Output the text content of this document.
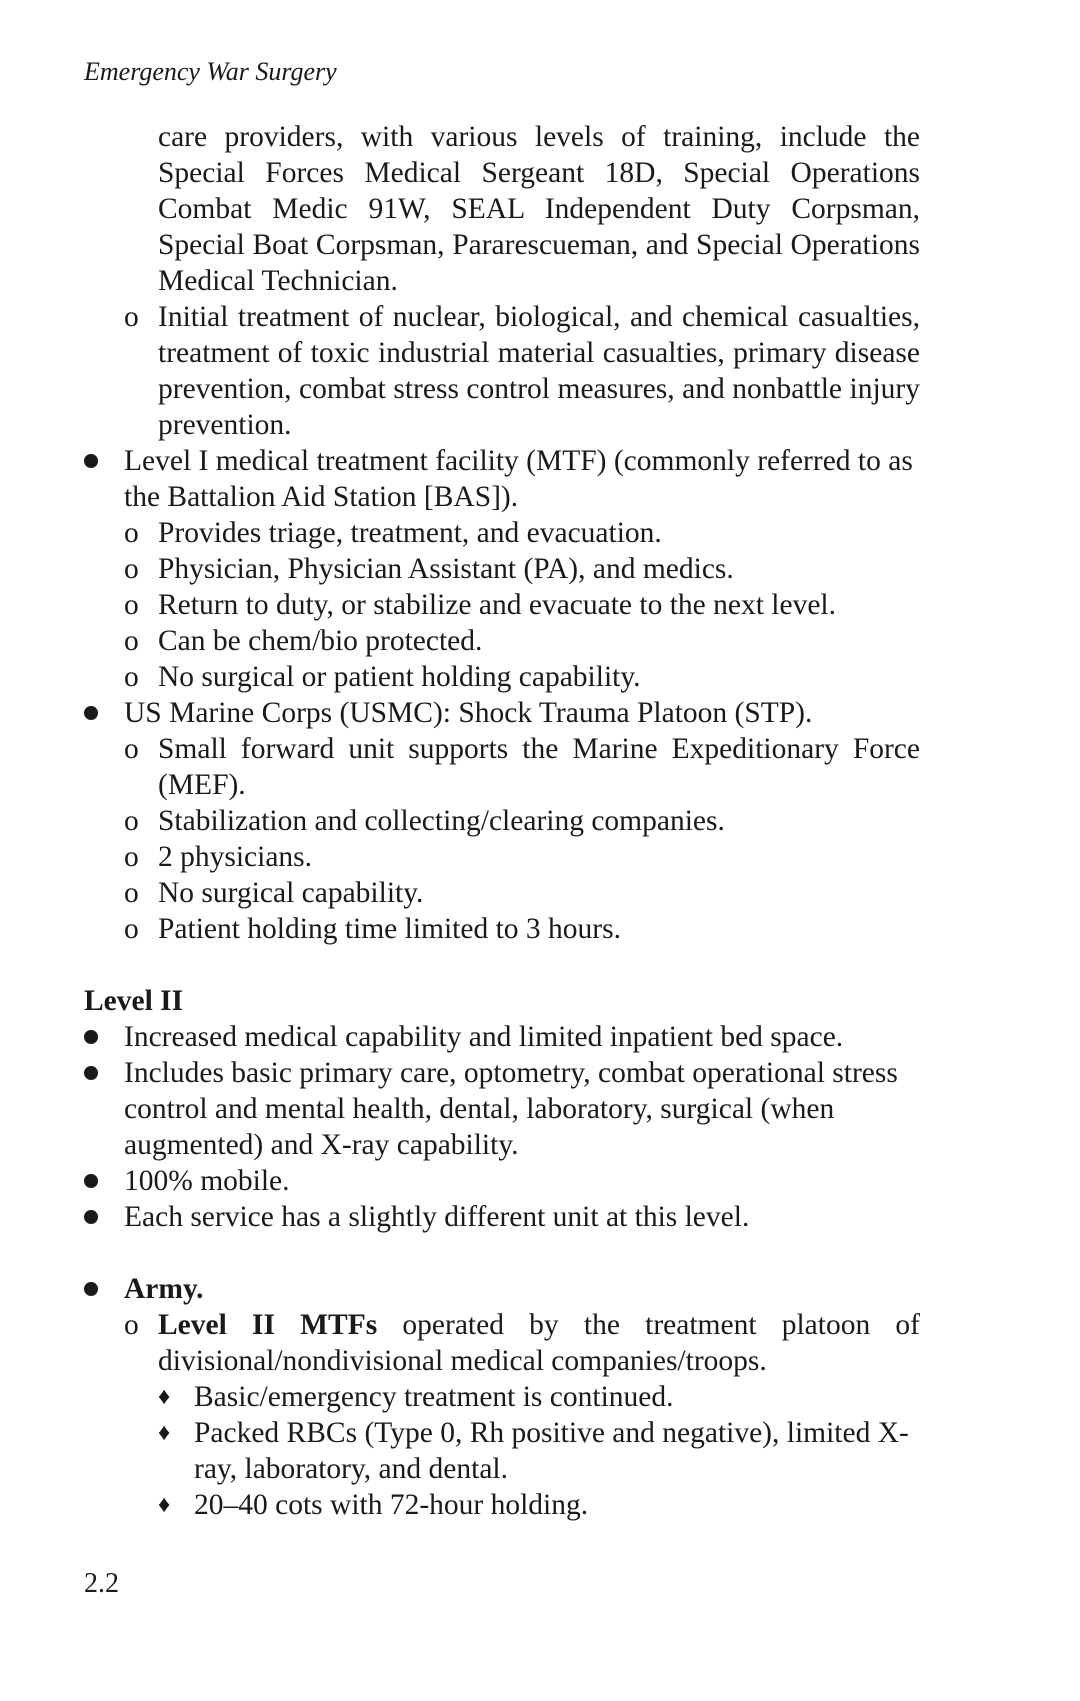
Emergency War Surgery

care providers, with various levels of training, include the Special Forces Medical Sergeant 18D, Special Operations Combat Medic 91W, SEAL Independent Duty Corpsman, Special Boat Corpsman, Pararescueman, and Special Operations Medical Technician.

o Initial treatment of nuclear, biological, and chemical casualties, treatment of toxic industrial material casualties, primary disease prevention, combat stress control measures, and nonbattle injury prevention.
Level I medical treatment facility (MTF) (commonly referred to as the Battalion Aid Station [BAS]).
o Provides triage, treatment, and evacuation.
o Physician, Physician Assistant (PA), and medics.
o Return to duty, or stabilize and evacuate to the next level.
o Can be chem/bio protected.
o No surgical or patient holding capability.
US Marine Corps (USMC): Shock Trauma Platoon (STP).
o Small forward unit supports the Marine Expeditionary Force (MEF).
o Stabilization and collecting/clearing companies.
o 2 physicians.
o No surgical capability.
o Patient holding time limited to 3 hours.

Level II

Increased medical capability and limited inpatient bed space.
Includes basic primary care, optometry, combat operational stress control and mental health, dental, laboratory, surgical (when augmented) and X-ray capability.
100% mobile.
Each service has a slightly different unit at this level.
Army.
o Level II MTFs operated by the treatment platoon of divisional/nondivisional medical companies/troops.
♦ Basic/emergency treatment is continued.
♦ Packed RBCs (Type 0, Rh positive and negative), limited X-ray, laboratory, and dental.
♦ 20–40 cots with 72-hour holding.
2.2
